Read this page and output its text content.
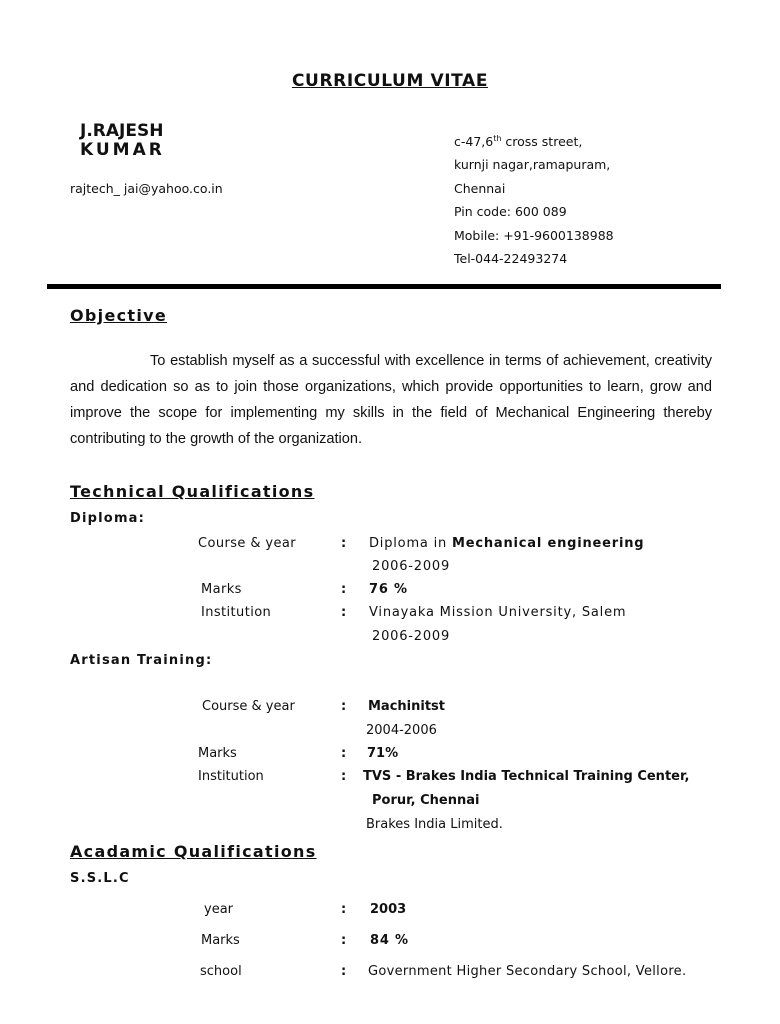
CURRICULUM VITAE
J.RAJESH
KUMAR
rajtech_ jai@yahoo.co.in
c-47,6th cross street,
kurnji nagar,ramapuram,
Chennai
Pin code: 600 089
Mobile: +91-9600138988
Tel-044-22493274
Objective
To establish myself as a successful with excellence in terms of achievement, creativity and dedication so as to join those organizations, which provide opportunities to learn, grow and improve the scope for implementing my skills in the field of Mechanical Engineering thereby contributing to the growth of the organization.
Technical Qualifications
Diploma:
Course & year	: Diploma in Mechanical engineering
2006-2009
Marks	: 76 %
Institution	: Vinayaka Mission University, Salem
2006-2009
Artisan Training:
Course & year	: Machinitst
2004-2006
Marks	: 71%
Institution	: TVS - Brakes India Technical Training Center,
Porur, Chennai
Brakes India Limited.
Acadamic Qualifications
S.S.L.C
year	: 2003
Marks	: 84 %
school	: Government Higher Secondary School, Vellore.
